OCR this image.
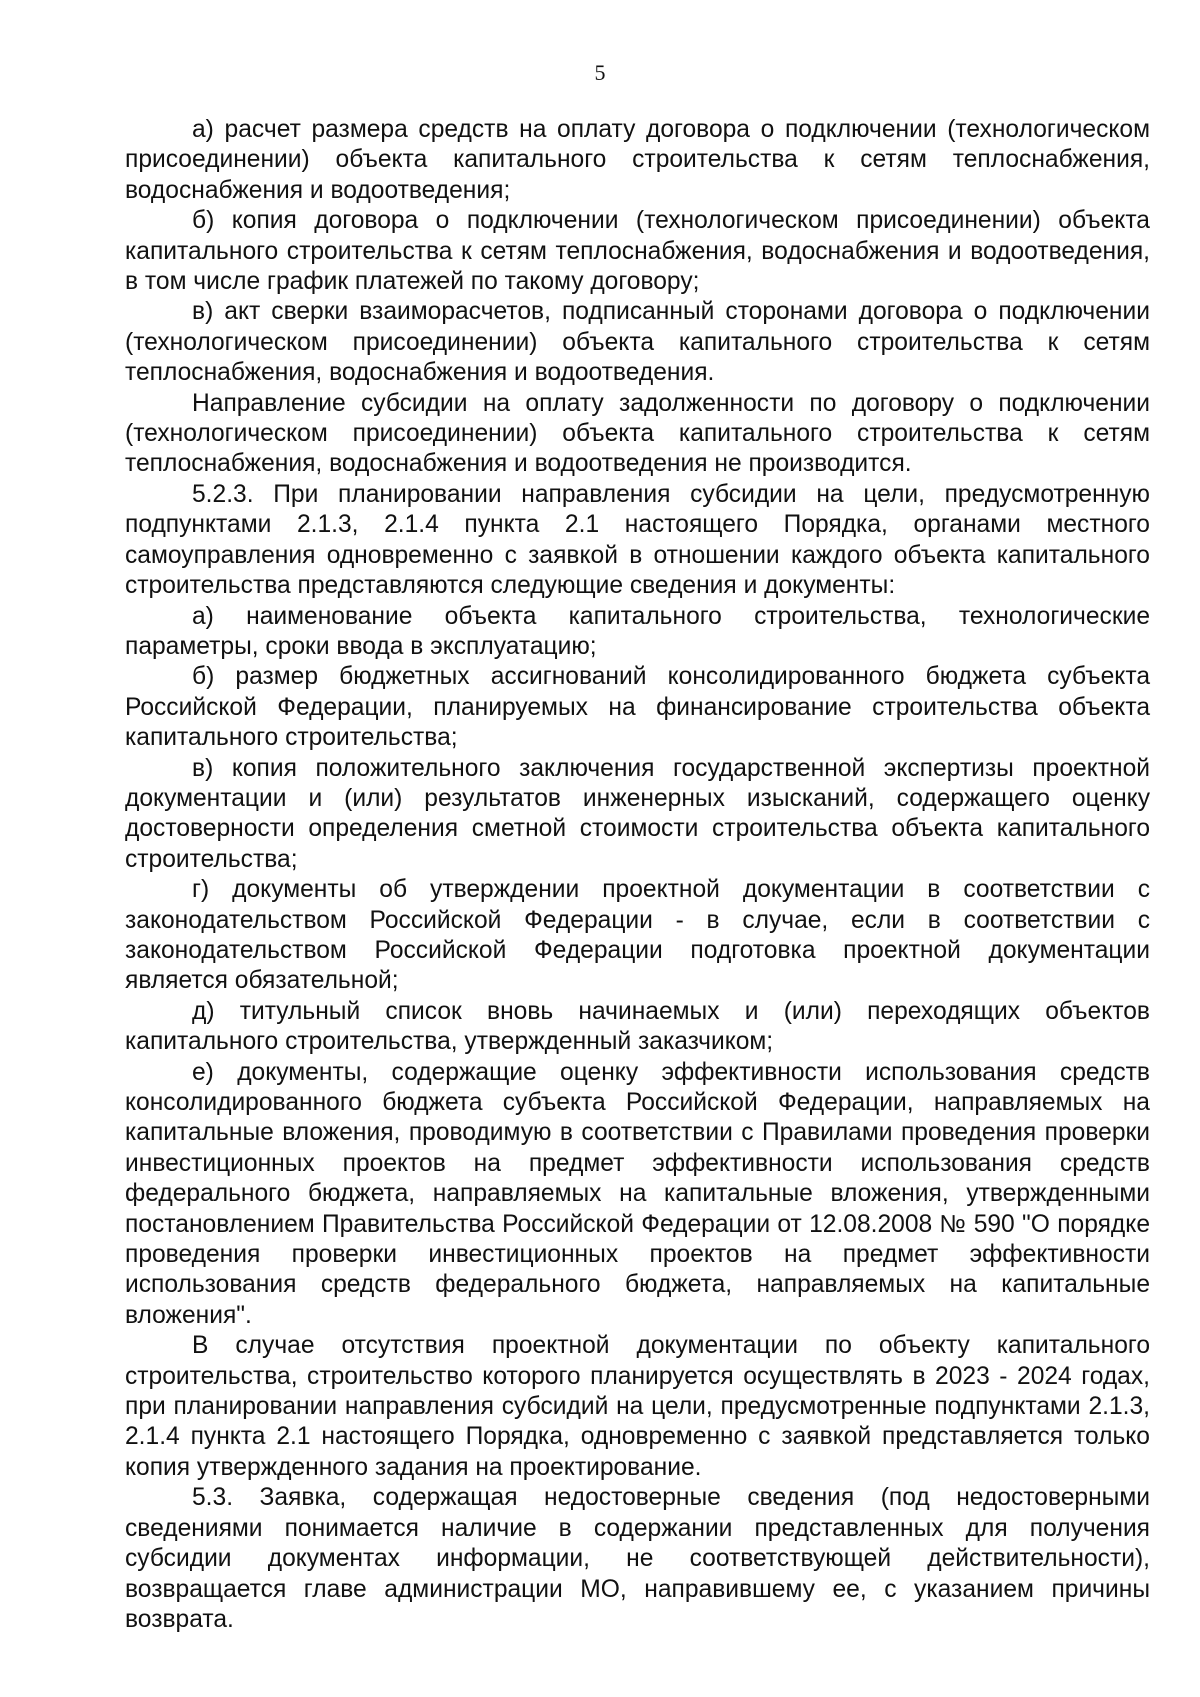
5

а) расчет размера средств на оплату договора о подключении (технологическом присоединении) объекта капитального строительства к сетям теплоснабжения, водоснабжения и водоотведения;

б) копия договора о подключении (технологическом присоединении) объекта капитального строительства к сетям теплоснабжения, водоснабжения и водоотведения, в том числе график платежей по такому договору;

в) акт сверки взаиморасчетов, подписанный сторонами договора о подключении (технологическом присоединении) объекта капитального строительства к сетям теплоснабжения, водоснабжения и водоотведения.

Направление субсидии на оплату задолженности по договору о подключении (технологическом присоединении) объекта капитального строительства к сетям теплоснабжения, водоснабжения и водоотведения не производится.

5.2.3. При планировании направления субсидии на цели, предусмотренную подпунктами 2.1.3, 2.1.4 пункта 2.1 настоящего Порядка, органами местного самоуправления одновременно с заявкой в отношении каждого объекта капитального строительства представляются следующие сведения и документы:

а) наименование объекта капитального строительства, технологические параметры, сроки ввода в эксплуатацию;

б) размер бюджетных ассигнований консолидированного бюджета субъекта Российской Федерации, планируемых на финансирование строительства объекта капитального строительства;

в) копия положительного заключения государственной экспертизы проектной документации и (или) результатов инженерных изысканий, содержащего оценку достоверности определения сметной стоимости строительства объекта капитального строительства;

г) документы об утверждении проектной документации в соответствии с законодательством Российской Федерации - в случае, если в соответствии с законодательством Российской Федерации подготовка проектной документации является обязательной;

д) титульный список вновь начинаемых и (или) переходящих объектов капитального строительства, утвержденный заказчиком;

е) документы, содержащие оценку эффективности использования средств консолидированного бюджета субъекта Российской Федерации, направляемых на капитальные вложения, проводимую в соответствии с Правилами проведения проверки инвестиционных проектов на предмет эффективности использования средств федерального бюджета, направляемых на капитальные вложения, утвержденными постановлением Правительства Российской Федерации от 12.08.2008 № 590 "О порядке проведения проверки инвестиционных проектов на предмет эффективности использования средств федерального бюджета, направляемых на капитальные вложения".

В случае отсутствия проектной документации по объекту капитального строительства, строительство которого планируется осуществлять в 2023 - 2024 годах, при планировании направления субсидий на цели, предусмотренные подпунктами 2.1.3, 2.1.4 пункта 2.1 настоящего Порядка, одновременно с заявкой представляется только копия утвержденного задания на проектирование.

5.3. Заявка, содержащая недостоверные сведения (под недостоверными сведениями понимается наличие в содержании представленных для получения субсидии документах информации, не соответствующей действительности), возвращается главе администрации МО, направившему ее, с указанием причины возврата.
